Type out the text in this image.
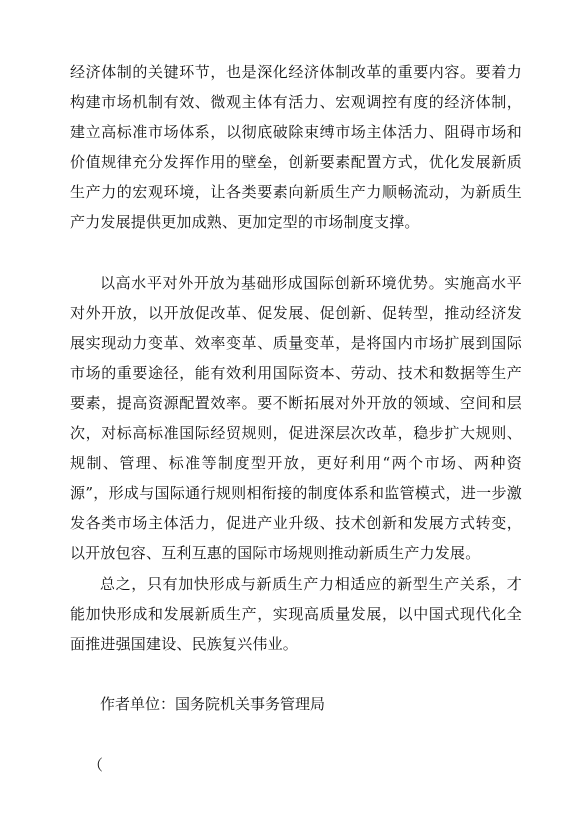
经济体制的关键环节，也是深化经济体制改革的重要内容。要着力构建市场机制有效、微观主体有活力、宏观调控有度的经济体制，建立高标准市场体系，以彻底破除束缚市场主体活力、阻碍市场和价值规律充分发挥作用的壁垒，创新要素配置方式，优化发展新质生产力的宏观环境，让各类要素向新质生产力顺畅流动，为新质生产力发展提供更加成熟、更加定型的市场制度支撑。

以高水平对外开放为基础形成国际创新环境优势。实施高水平对外开放，以开放促改革、促发展、促创新、促转型，推动经济发展实现动力变革、效率变革、质量变革，是将国内市场扩展到国际市场的重要途径，能有效利用国际资本、劳动、技术和数据等生产要素，提高资源配置效率。要不断拓展对外开放的领域、空间和层次，对标高标准国际经贸规则，促进深层次改革，稳步扩大规则、规制、管理、标准等制度型开放，更好利用“两个市场、两种资源”，形成与国际通行规则相衔接的制度体系和监管模式，进一步激发各类市场主体活力，促进产业升级、技术创新和发展方式转变，以开放包容、互利互惠的国际市场规则推动新质生产力发展。

总之，只有加快形成与新质生产力相适应的新型生产关系，才能加快形成和发展新质生产，实现高质量发展，以中国式现代化全面推进强国建设、民族复兴伟业。

作者单位：国务院机关事务管理局

（
